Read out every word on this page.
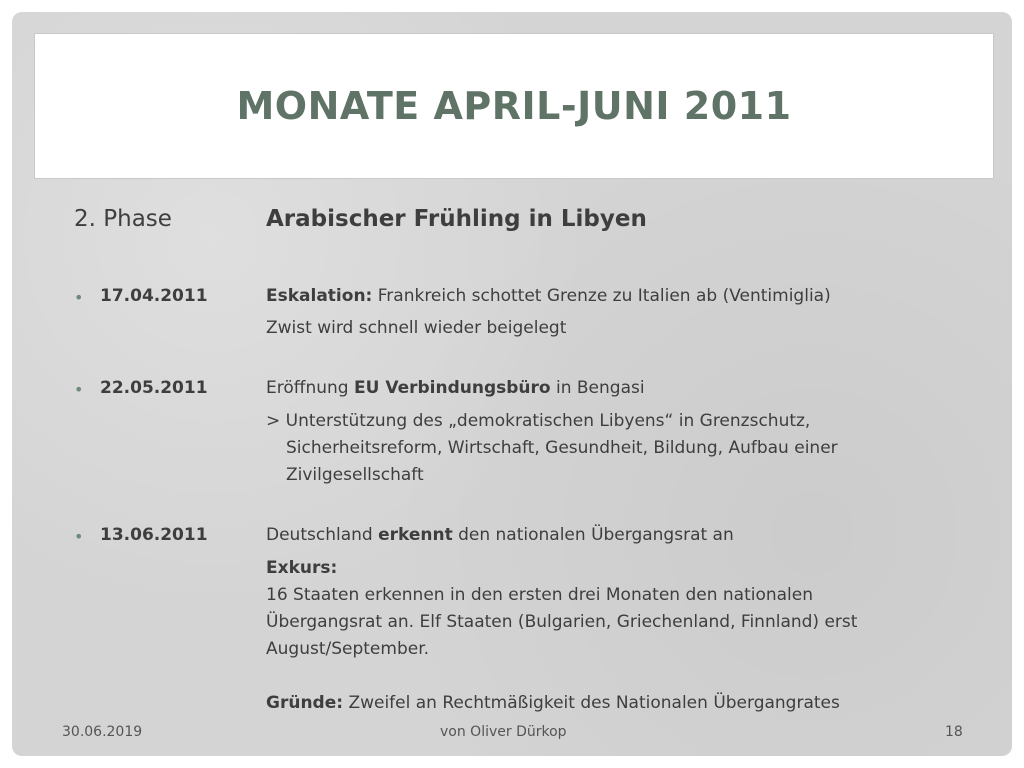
MONATE APRIL-JUNI 2011
2. Phase	Arabischer Frühling in Libyen
• 17.04.2011	Eskalation: Frankreich schottet Grenze zu Italien ab (Ventimiglia)
Zwist wird schnell wieder beigelegt
• 22.05.2011	Eröffnung EU Verbindungsbüro in Bengasi
> Unterstützung des „demokratischen Libyens“ in Grenzschutz,
Sicherheitsreform, Wirtschaft, Gesundheit, Bildung, Aufbau einer
Zivilgesellschaft
• 13.06.2011	Deutschland erkennt den nationalen Übergangsrat an
Exkurs:
16 Staaten erkennen in den ersten drei Monaten den nationalen
Übergangsrat an. Elf Staaten (Bulgarien, Griechenland, Finnland) erst
August/September.
Gründe: Zweifel an Rechtmäßigkeit des Nationalen Übergangrates
30.06.2019	von Oliver Dürkop	18
